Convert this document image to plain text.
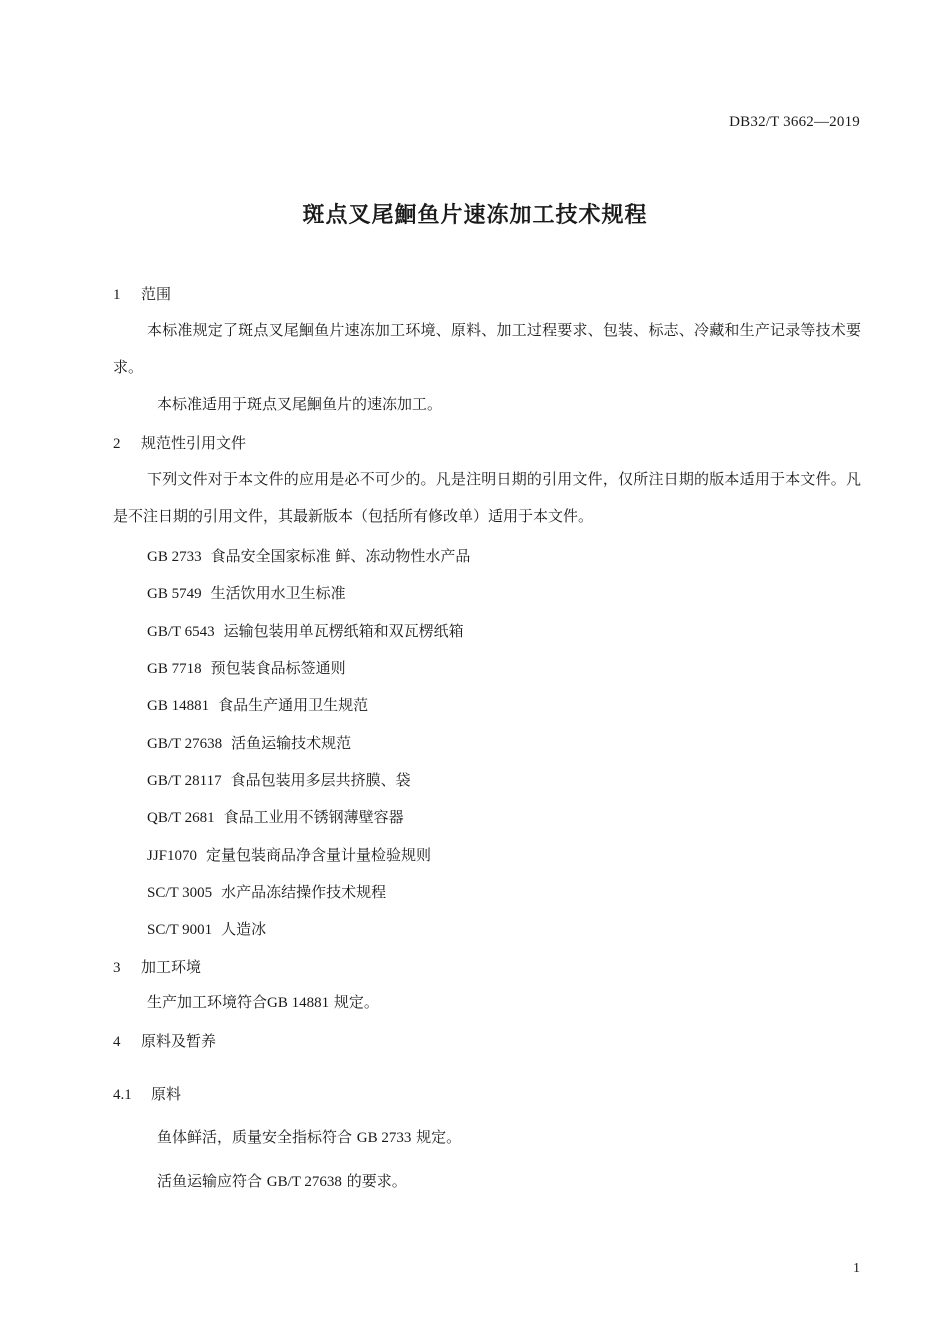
DB32/T 3662—2019
斑点叉尾鮰鱼片速冻加工技术规程
1 范围
本标准规定了斑点叉尾鮰鱼片速冻加工环境、原料、加工过程要求、包装、标志、冷藏和生产记录等技术要求。
本标准适用于斑点叉尾鮰鱼片的速冻加工。
2 规范性引用文件
下列文件对于本文件的应用是必不可少的。凡是注明日期的引用文件，仅所注日期的版本适用于本文件。凡是不注日期的引用文件，其最新版本（包括所有修改单）适用于本文件。
GB 2733 食品安全国家标准 鲜、冻动物性水产品
GB 5749 生活饮用水卫生标准
GB/T 6543 运输包装用单瓦楞纸箱和双瓦楞纸箱
GB 7718 预包装食品标签通则
GB 14881 食品生产通用卫生规范
GB/T 27638 活鱼运输技术规范
GB/T 28117 食品包装用多层共挤膜、袋
QB/T 2681 食品工业用不锈钢薄壁容器
JJF1070 定量包装商品净含量计量检验规则
SC/T 3005 水产品冻结操作技术规程
SC/T 9001 人造冰
3 加工环境
生产加工环境符合GB 14881 规定。
4 原料及暂养
4.1 原料
鱼体鲜活，质量安全指标符合 GB 2733 规定。
活鱼运输应符合 GB/T 27638 的要求。
1
